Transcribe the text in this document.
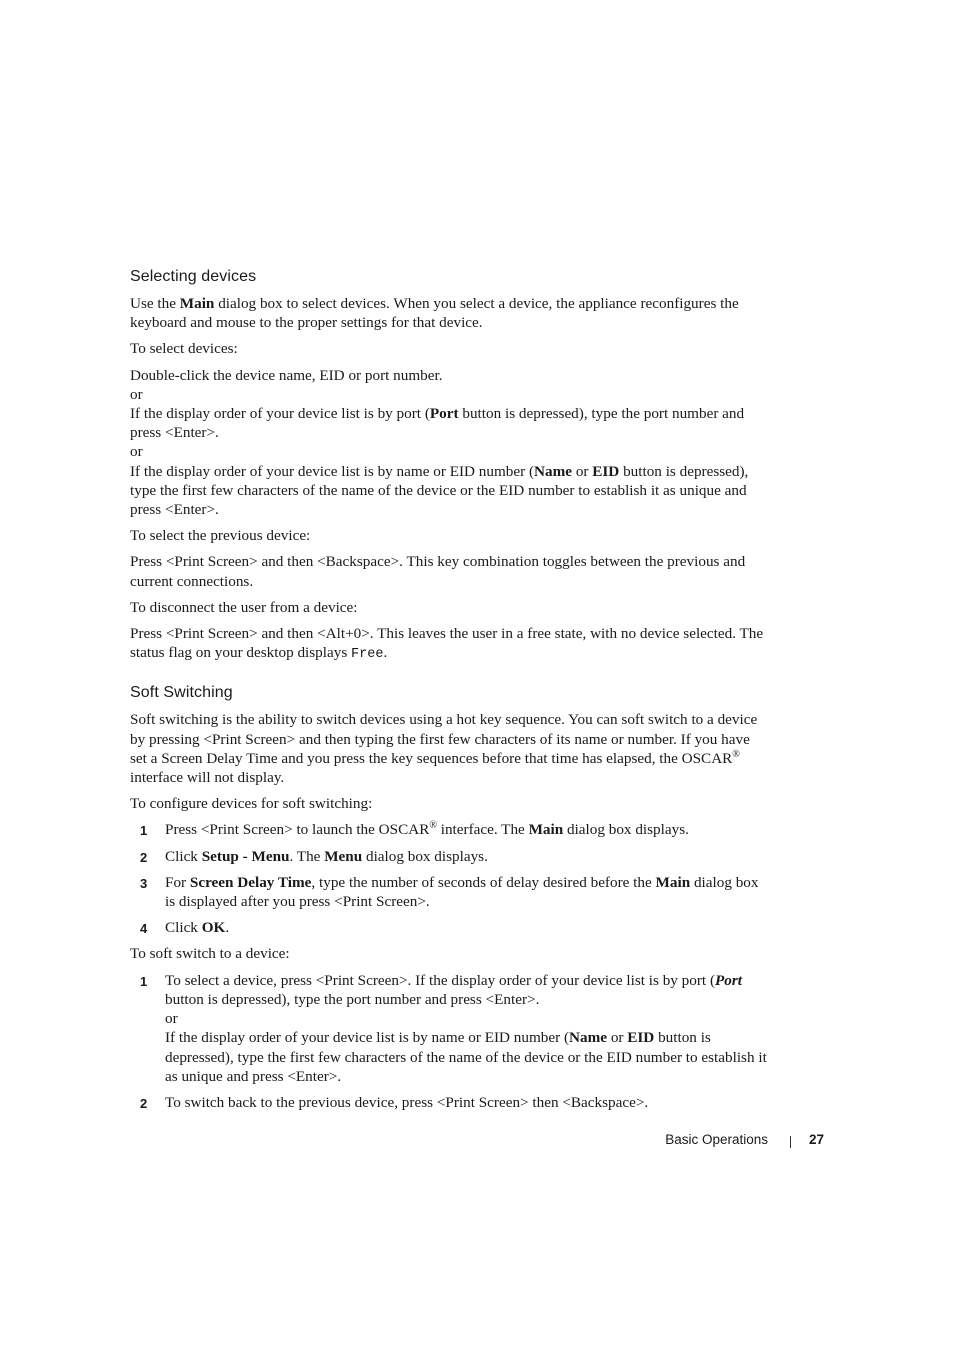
Selecting devices

Use the Main dialog box to select devices. When you select a device, the appliance reconfigures the keyboard and mouse to the proper settings for that device.

To select devices:

Double-click the device name, EID or port number.

or

If the display order of your device list is by port (Port button is depressed), type the port number and press <Enter>.

or

If the display order of your device list is by name or EID number (Name or EID button is depressed), type the first few characters of the name of the device or the EID number to establish it as unique and press <Enter>.

To select the previous device:

Press <Print Screen> and then <Backspace>. This key combination toggles between the previous and current connections.

To disconnect the user from a device:

Press <Print Screen> and then <Alt+0>. This leaves the user in a free state, with no device selected. The status flag on your desktop displays Free.

Soft Switching

Soft switching is the ability to switch devices using a hot key sequence. You can soft switch to a device by pressing <Print Screen> and then typing the first few characters of its name or number. If you have set a Screen Delay Time and you press the key sequences before that time has elapsed, the OSCAR® interface will not display.

To configure devices for soft switching:

1 Press <Print Screen> to launch the OSCAR® interface. The Main dialog box displays.
2 Click Setup - Menu. The Menu dialog box displays.
3 For Screen Delay Time, type the number of seconds of delay desired before the Main dialog box is displayed after you press <Print Screen>.
4 Click OK.

To soft switch to a device:

1 To select a device, press <Print Screen>. If the display order of your device list is by port (Port button is depressed), type the port number and press <Enter>.
or
If the display order of your device list is by name or EID number (Name or EID button is depressed), type the first few characters of the name of the device or the EID number to establish it as unique and press <Enter>.
2 To switch back to the previous device, press <Print Screen> then <Backspace>.
Basic Operations	27
